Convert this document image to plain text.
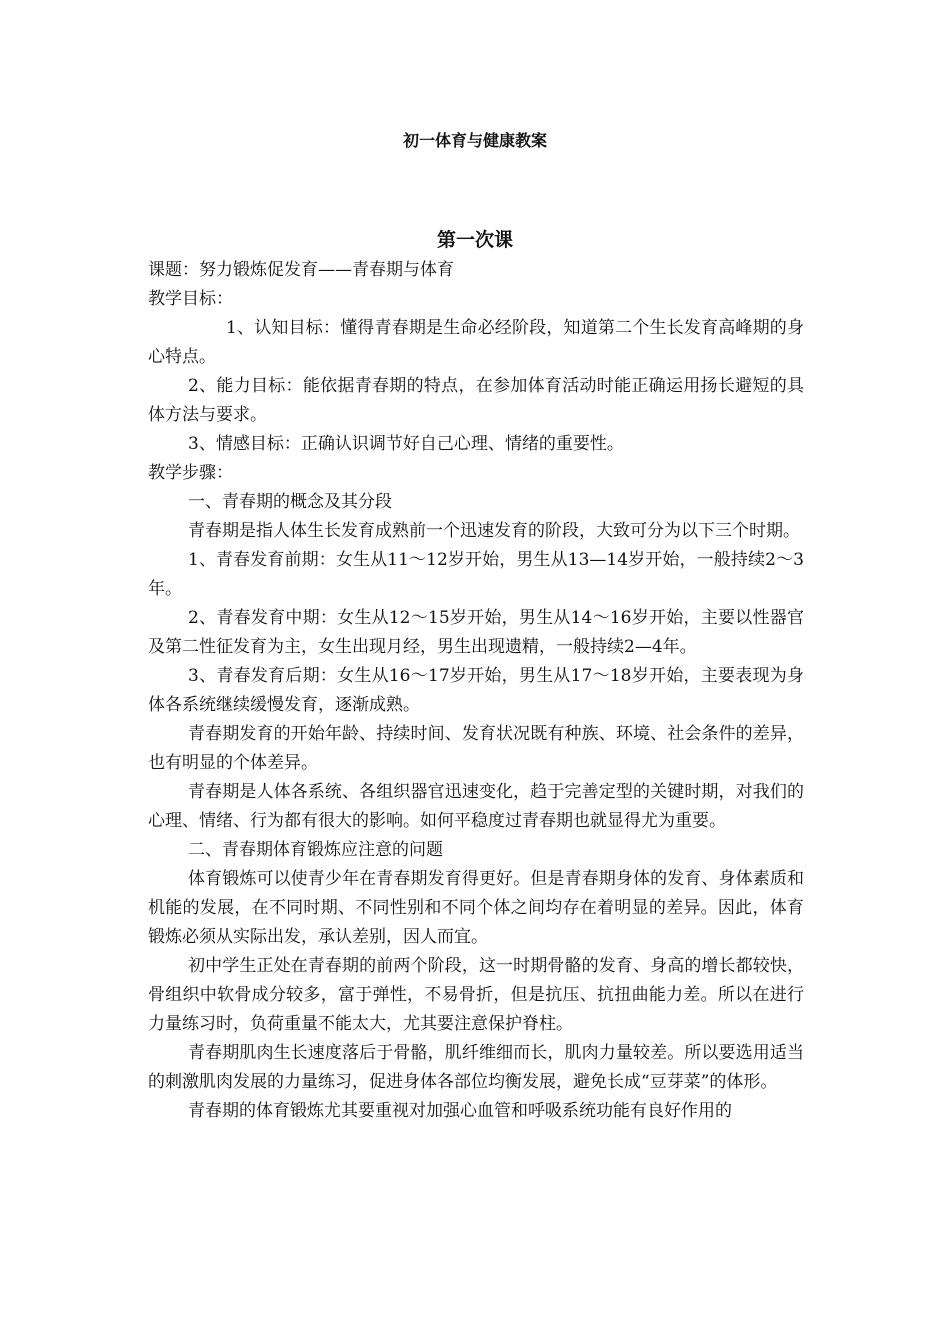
初一体育与健康教案
第一次课

课题：努力锻炼促发育——青春期与体育

教学目标：

1、认知目标：懂得青春期是生命必经阶段，知道第二个生长发育高峰期的身心特点。

2、能力目标：能依据青春期的特点，在参加体育活动时能正确运用扬长避短的具体方法与要求。

3、情感目标：正确认识调节好自己心理、情绪的重要性。

教学步骤：

一、青春期的概念及其分段

青春期是指人体生长发育成熟前一个迅速发育的阶段，大致可分为以下三个时期。

1、青春发育前期：女生从11～12岁开始，男生从13—14岁开始，一般持续2～3年。

2、青春发育中期：女生从12～15岁开始，男生从14～16岁开始，主要以性器官及第二性征发育为主，女生出现月经，男生出现遗精，一般持续2—4年。

3、青春发育后期：女生从16～17岁开始，男生从17～18岁开始，主要表现为身体各系统继续缓慢发育，逐渐成熟。

青春期发育的开始年龄、持续时间、发育状况既有种族、环境、社会条件的差异，也有明显的个体差异。

青春期是人体各系统、各组织器官迅速变化，趋于完善定型的关键时期，对我们的心理、情绪、行为都有很大的影响。如何平稳度过青春期也就显得尤为重要。

二、青春期体育锻炼应注意的问题

体育锻炼可以使青少年在青春期发育得更好。但是青春期身体的发育、身体素质和机能的发展，在不同时期、不同性别和不同个体之间均存在着明显的差异。因此，体育锻炼必须从实际出发，承认差别，因人而宜。

初中学生正处在青春期的前两个阶段，这一时期骨骼的发育、身高的增长都较快，骨组织中软骨成分较多，富于弹性，不易骨折，但是抗压、抗扭曲能力差。所以在进行力量练习时，负荷重量不能太大，尤其要注意保护脊柱。

青春期肌肉生长速度落后于骨骼，肌纤维细而长，肌肉力量较差。所以要选用适当的刺激肌肉发展的力量练习，促进身体各部位均衡发展，避免长成“豆芽菜”的体形。

青春期的体育锻炼尤其要重视对加强心血管和呼吸系统功能有良好作用的
